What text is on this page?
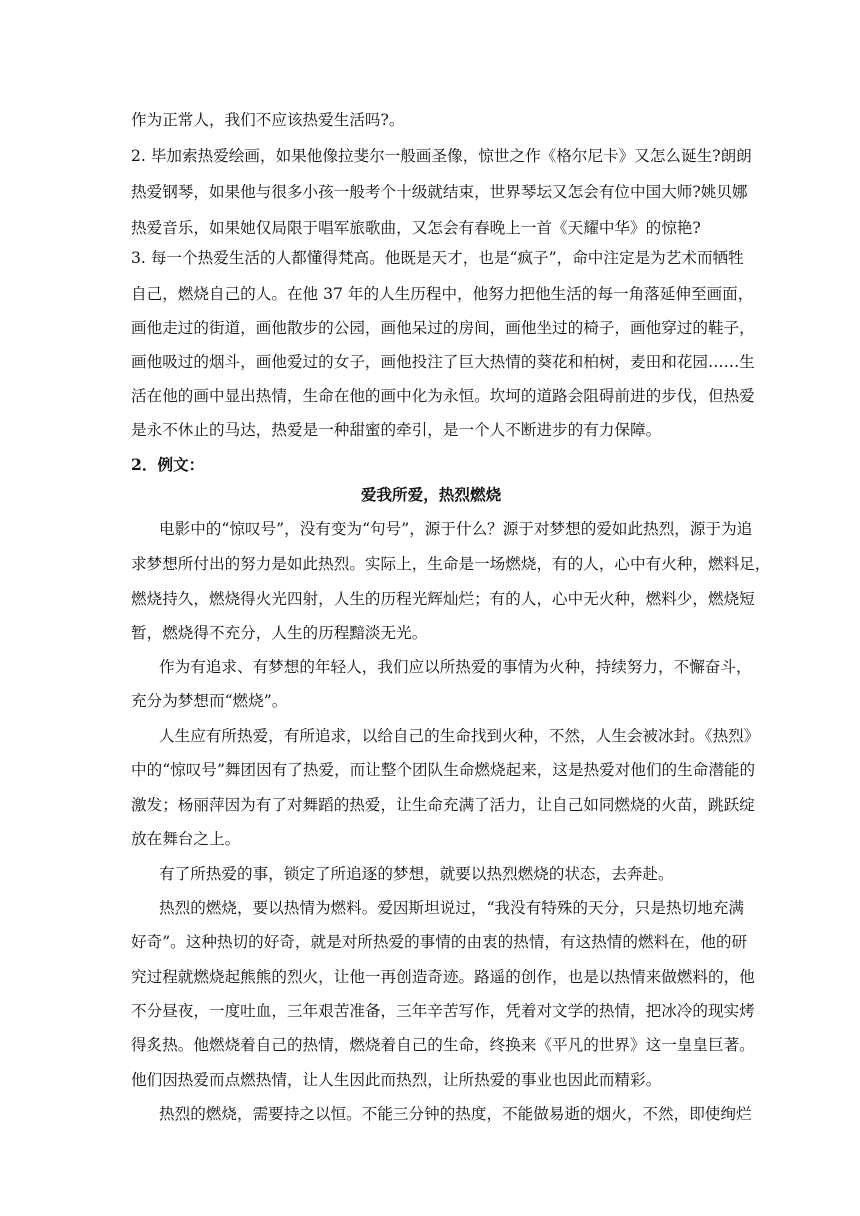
作为正常人，我们不应该热爱生活吗?。
2. 毕加索热爱绘画，如果他像拉斐尔一般画圣像，惊世之作《格尔尼卡》又怎么诞生?朗朗
热爱钢琴，如果他与很多小孩一般考个十级就结束，世界琴坛又怎会有位中国大师?姚贝娜
热爱音乐，如果她仅局限于唱军旅歌曲，又怎会有春晚上一首《天耀中华》的惊艳?
3. 每一个热爱生活的人都懂得梵高。他既是天才，也是“疯子”，命中注定是为艺术而牺牲
自己，燃烧自己的人。在他 37 年的人生历程中，他努力把他生活的每一角落延伸至画面，
画他走过的街道，画他散步的公园，画他呆过的房间，画他坐过的椅子，画他穿过的鞋子，
画他吸过的烟斗，画他爱过的女子，画他投注了巨大热情的葵花和柏树，麦田和花园……生
活在他的画中显出热情，生命在他的画中化为永恒。坎坷的道路会阻碍前进的步伐，但热爱
是永不休止的马达，热爱是一种甜蜜的牵引，是一个人不断进步的有力保障。
2．例文：
爱我所爱，热烈燃烧
电影中的“惊叹号”，没有变为“句号”，源于什么？源于对梦想的爱如此热烈，源于为追
求梦想所付出的努力是如此热烈。实际上，生命是一场燃烧，有的人，心中有火种，燃料足，
燃烧持久，燃烧得火光四射，人生的历程光辉灿烂；有的人，心中无火种，燃料少，燃烧短
暂，燃烧得不充分，人生的历程黯淡无光。
作为有追求、有梦想的年轻人，我们应以所热爱的事情为火种，持续努力，不懈奋斗，
充分为梦想而“燃烧”。
人生应有所热爱，有所追求，以给自己的生命找到火种，不然，人生会被冰封。《热烈》
中的“惊叹号”舞团因有了热爱，而让整个团队生命燃烧起来，这是热爱对他们的生命潜能的
激发；杨丽萍因为有了对舞蹈的热爱，让生命充满了活力，让自己如同燃烧的火苗，跳跃绽
放在舞台之上。
有了所热爱的事，锁定了所追逐的梦想，就要以热烈燃烧的状态，去奔赴。
热烈的燃烧，要以热情为燃料。爱因斯坦说过，“我没有特殊的天分，只是热切地充满
好奇”。这种热切的好奇，就是对所热爱的事情的由衷的热情，有这热情的燃料在，他的研
究过程就燃烧起熊熊的烈火，让他一再创造奇迹。路遥的创作，也是以热情来做燃料的，他
不分昼夜，一度吐血，三年艰苦准备，三年辛苦写作，凭着对文学的热情，把冰冷的现实烤
得炙热。他燃烧着自己的热情，燃烧着自己的生命，终换来《平凡的世界》这一皇皇巨著。
他们因热爱而点燃热情，让人生因此而热烈，让所热爱的事业也因此而精彩。
热烈的燃烧，需要持之以恒。不能三分钟的热度，不能做易逝的烟火，不然，即使绚烂
